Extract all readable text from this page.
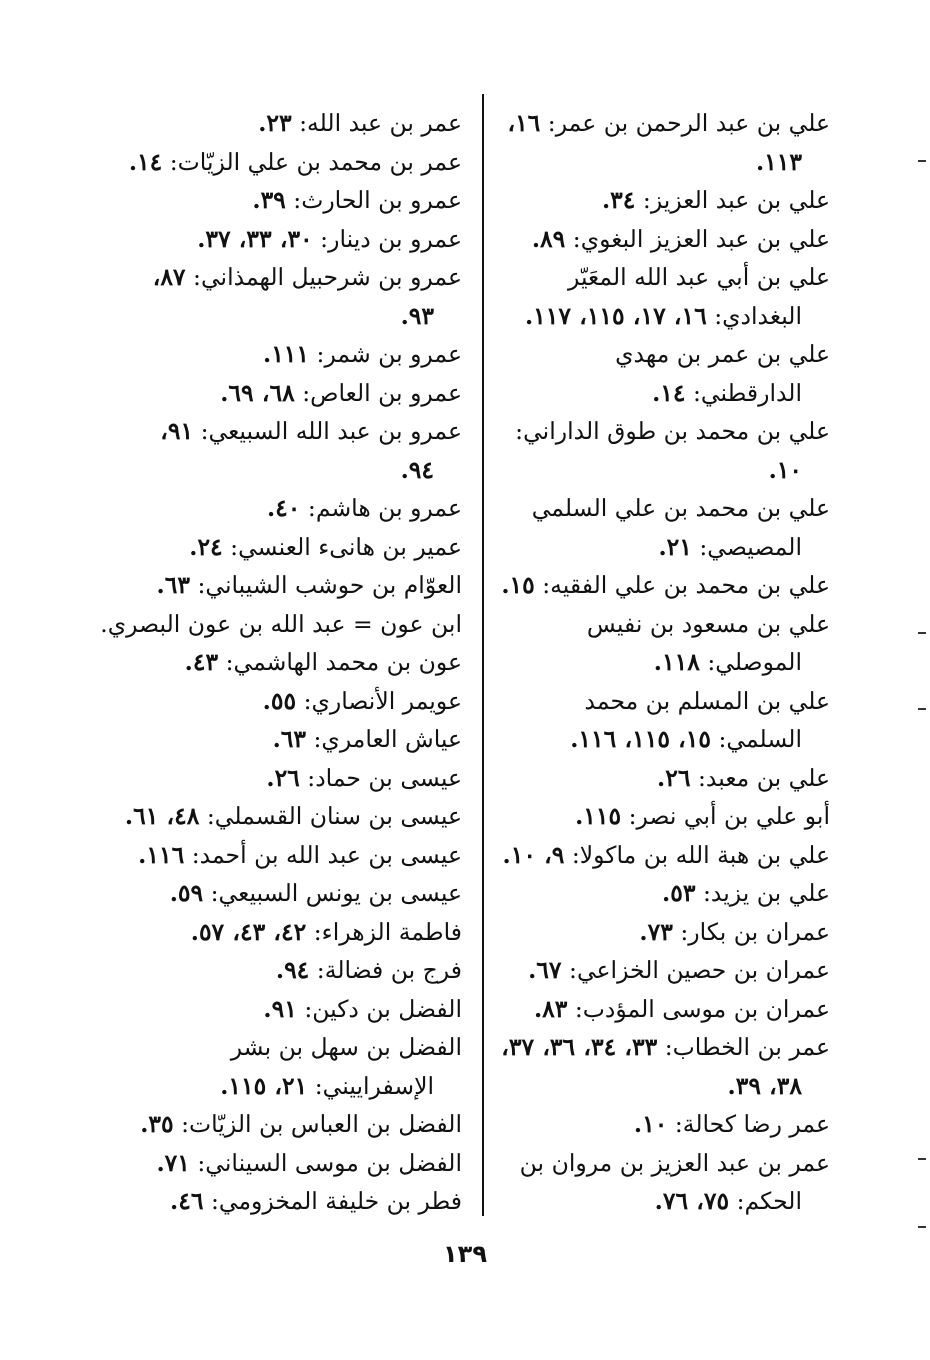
علي بن عبد الرحمن بن عمر: ١٦، ١١٣.

علي بن عبد العزيز: ٣٤.

علي بن عبد العزيز البغوي: ٨٩.

علي بن أبي عبد الله المعَيّر البغدادي: ١٦، ١٧، ١١٥، ١١٧.

علي بن عمر بن مهدي الدارقطني: ١٤.

علي بن محمد بن طوق الداراني: ١٠.

علي بن محمد بن علي السلمي المصيصي: ٢١.

علي بن محمد بن علي الفقيه: ١٥.

علي بن مسعود بن نفيس الموصلي: ١١٨.

علي بن المسلم بن محمد السلمي: ١٥، ١١٥، ١١٦.

علي بن معبد: ٢٦.

أبو علي بن أبي نصر: ١١٥.

علي بن هبة الله بن ماكولا: ٩، ١٠.

علي بن يزيد: ٥٣.

عمران بن بكار: ٧٣.

عمران بن حصين الخزاعي: ٦٧.

عمران بن موسى المؤدب: ٨٣.

عمر بن الخطاب: ٣٣، ٣٤، ٣٦، ٣٧، ٣٨، ٣٩.

عمر رضا كحالة: ١٠.

عمر بن عبد العزيز بن مروان بن الحكم: ٧٥، ٧٦.

عمر بن عبد الله: ٢٣.

عمر بن محمد بن علي الزيّات: ١٤.

عمرو بن الحارث: ٣٩.

عمرو بن دينار: ٣٠، ٣٣، ٣٧.

عمرو بن شرحبيل الهمذاني: ٨٧، ٩٣.

عمرو بن شمر: ١١١.

عمرو بن العاص: ٦٨، ٦٩.

عمرو بن عبد الله السبيعي: ٩١، ٩٤.

عمرو بن هاشم: ٤٠.

عمير بن هانىء العنسي: ٢٤.

العوّام بن حوشب الشيباني: ٦٣.

ابن عون = عبد الله بن عون البصري.

عون بن محمد الهاشمي: ٤٣.

عويمر الأنصاري: ٥٥.

عياش العامري: ٦٣.

عيسى بن حماد: ٢٦.

عيسى بن سنان القسملي: ٤٨، ٦١.

عيسى بن عبد الله بن أحمد: ١١٦.

عيسى بن يونس السبيعي: ٥٩.

فاطمة الزهراء: ٤٢، ٤٣، ٥٧.

فرج بن فضالة: ٩٤.

الفضل بن دكين: ٩١.

الفضل بن سهل بن بشر الإسفراييني: ٢١، ١١٥.

الفضل بن العباس بن الزيّات: ٣٥.

الفضل بن موسى السيناني: ٧١.

فطر بن خليفة المخزومي: ٤٦.

١٣٩
